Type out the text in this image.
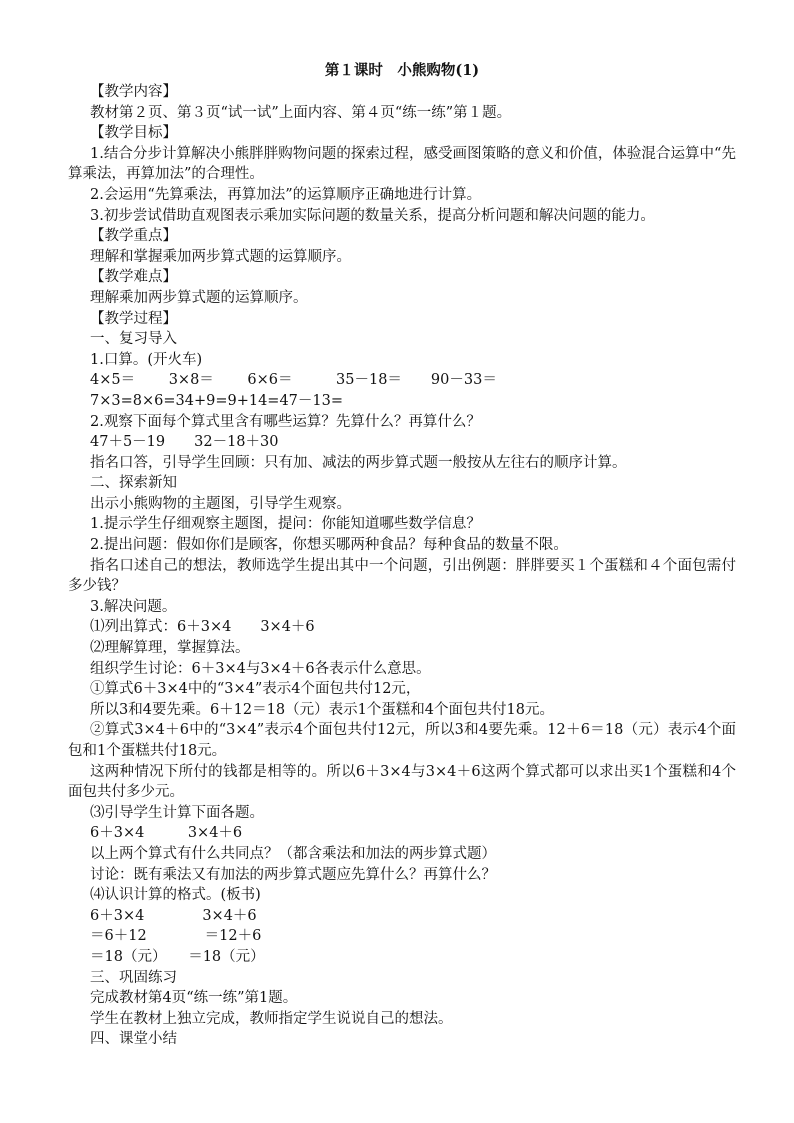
第１课时　小熊购物(1)

【教学内容】

教材第２页、第３页“试一试”上面内容、第４页“练一练”第１题。

【教学目标】

1.结合分步计算解决小熊胖胖购物问题的探索过程，感受画图策略的意义和价值，体验混合运算中“先算乘法，再算加法”的合理性。

2.会运用“先算乘法，再算加法”的运算顺序正确地进行计算。

3.初步尝试借助直观图表示乘加实际问题的数量关系，提高分析问题和解决问题的能力。

【教学重点】

理解和掌握乘加两步算式题的运算顺序。

【教学难点】

理解乘加两步算式题的运算顺序。

【教学过程】

一、复习导入

1.口算。(开火车)

4×5＝　　 3×8＝　　 6×6＝　　　35－18＝　　90－33＝

7×3=8×6=34+9=9+14=47－13=

2.观察下面每个算式里含有哪些运算？先算什么？再算什么？

47＋5－19　　32－18＋30

指名口答，引导学生回顾：只有加、减法的两步算式题一般按从左往右的顺序计算。

二、探索新知

出示小熊购物的主题图，引导学生观察。

1.提示学生仔细观察主题图，提问：你能知道哪些数学信息？

2.提出问题：假如你们是顾客，你想买哪两种食品？每种食品的数量不限。

指名口述自己的想法，教师选学生提出其中一个问题，引出例题：胖胖要买１个蛋糕和４个面包需付多少钱？

3.解决问题。

⑴列出算式：6＋3×4　　3×4＋6

⑵理解算理，掌握算法。

组织学生讨论：6＋3×4与3×4＋6各表示什么意思。

①算式6＋3×4中的“3×4”表示4个面包共付12元，

所以3和4要先乘。6＋12＝18（元）表示1个蛋糕和4个面包共付18元。

②算式3×4＋6中的“3×4”表示4个面包共付12元，所以3和4要先乘。12＋6＝18（元）表示4个面包和1个蛋糕共付18元。

这两种情况下所付的钱都是相等的。所以6＋3×4与3×4＋6这两个算式都可以求出买1个蛋糕和4个面包共付多少元。

⑶引导学生计算下面各题。

6＋3×4　　　3×4＋6

以上两个算式有什么共同点？（都含乘法和加法的两步算式题）

讨论：既有乘法又有加法的两步算式题应先算什么？再算什么？

⑷认识计算的格式。(板书)

6＋3×4　　　　3×4＋6

＝6＋12　　　　＝12＋6

＝18（元）　　＝18（元）

三、巩固练习

完成教材第4页“练一练”第1题。

学生在教材上独立完成，教师指定学生说说自己的想法。

四、课堂小结
